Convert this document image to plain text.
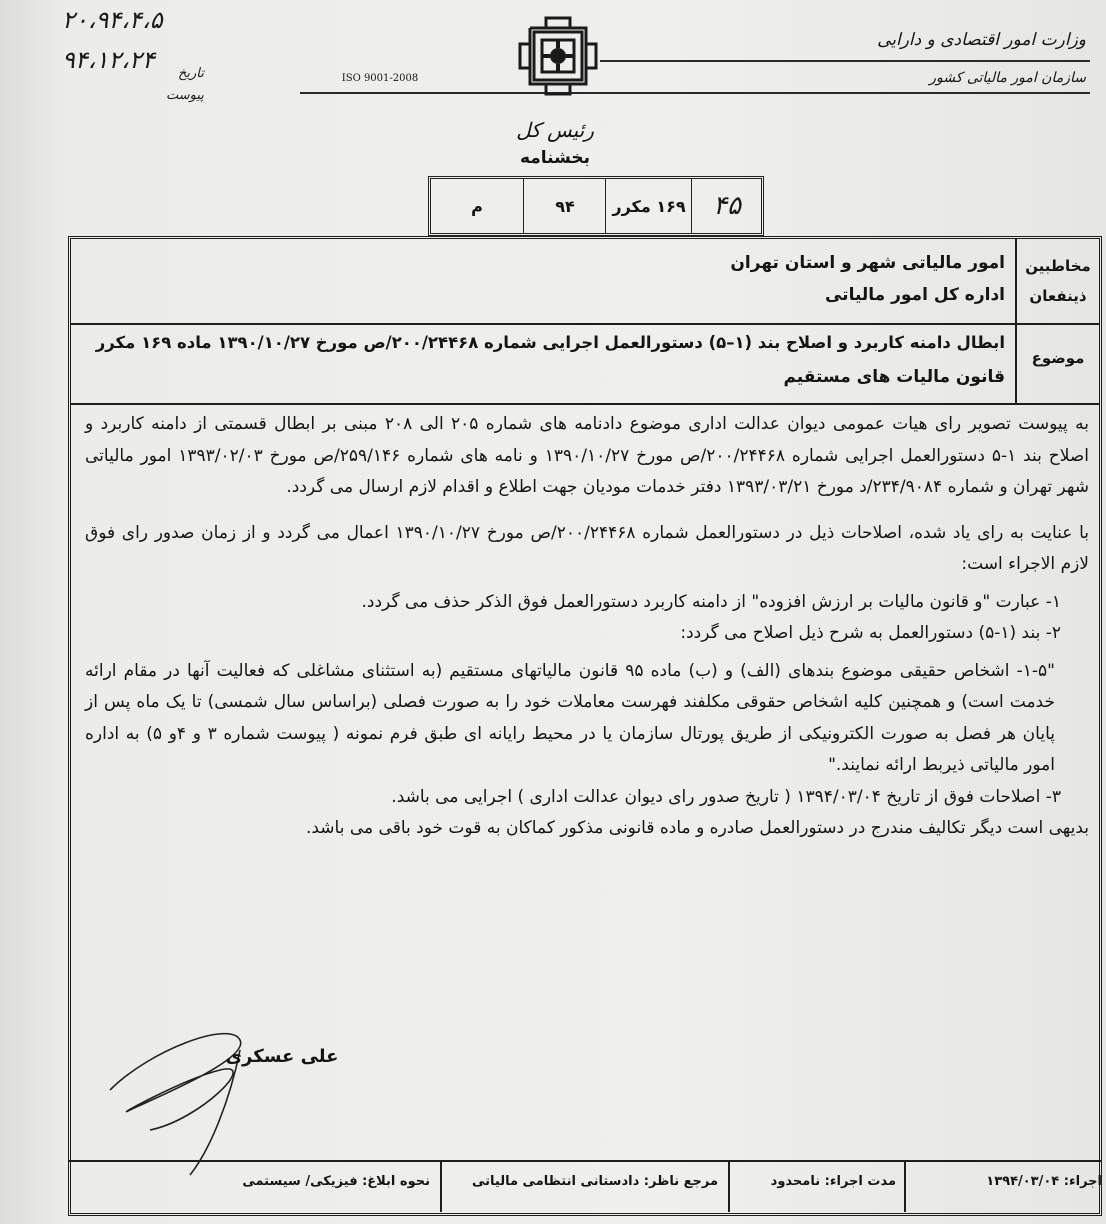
وزارت امور اقتصادی و دارایی
سازمان امور مالیاتی کشور
ISO 9001-2008
۲۰،۹۴،۴،۵
۹۴،۱۲،۲۴ تاریخ
پیوست
رئیس کل
بخشنامه
م	۹۴	۱۶۹ مکرر	۴۵
مخاطبین
ذینفعان
امور مالیاتی شهر و استان تهران
اداره کل امور مالیاتی
موضوع
ابطال دامنه کاربرد و اصلاح بند (۱–۵) دستورالعمل اجرایی شماره ۲۰۰/۲۴۴۶۸/ص مورخ ۱۳۹۰/۱۰/۲۷ ماده ۱۶۹ مکرر
قانون مالیات های مستقیم

به پیوست تصویر رای هیات عمومی دیوان عدالت اداری موضوع دادنامه های شماره ۲۰۵ الی ۲۰۸ مبنی بر ابطال قسمتی از دامنه کاربرد و اصلاح بند ۱-۵ دستورالعمل اجرایی شماره ۲۰۰/۲۴۴۶۸/ص مورخ ۱۳۹۰/۱۰/۲۷ و نامه های شماره ۲۵۹/۱۴۶/ص مورخ ۱۳۹۳/۰۲/۰۳ امور مالیاتی شهر تهران و شماره ۲۳۴/۹۰۸۴/د مورخ ۱۳۹۳/۰۳/۲۱ دفتر خدمات مودیان جهت اطلاع و اقدام لازم ارسال می گردد.

با عنایت به رای یاد شده، اصلاحات ذیل در دستورالعمل شماره ۲۰۰/۲۴۴۶۸/ص مورخ ۱۳۹۰/۱۰/۲۷ اعمال می گردد و از زمان صدور رای فوق لازم الاجراء است:

۱- عبارت "و قانون مالیات بر ارزش افزوده" از دامنه کاربرد دستورالعمل فوق الذکر حذف می گردد.

۲- بند (۱-۵) دستورالعمل به شرح ذیل اصلاح می گردد:

"۱-۵- اشخاص حقیقی موضوع بندهای (الف) و (ب) ماده ۹۵ قانون مالیاتهای مستقیم (به استثنای مشاغلی که فعالیت آنها در مقام ارائه خدمت است) و همچنین کلیه اشخاص حقوقی مکلفند فهرست معاملات خود را به صورت فصلی (براساس سال شمسی) تا یک ماه پس از پایان هر فصل به صورت الکترونیکی از طریق پورتال سازمان یا در محیط رایانه ای طبق فرم نمونه ( پیوست شماره ۳ و ۴و ۵) به اداره امور مالیاتی ذیربط ارائه نمایند."

۳- اصلاحات فوق از تاریخ ۱۳۹۴/۰۳/۰۴ ( تاریخ صدور رای دیوان عدالت اداری ) اجرایی می باشد.

بدیهی است دیگر تکالیف مندرج در دستورالعمل صادره و ماده قانونی مذکور کماکان به قوت خود باقی می باشد.

علی عسکری
اجراء: ۱۳۹۴/۰۳/۰۴
مدت اجراء: نامحدود
مرجع ناظر: دادستانی انتظامی مالیاتی
نحوه ابلاغ: فیزیکی/ سیستمی
